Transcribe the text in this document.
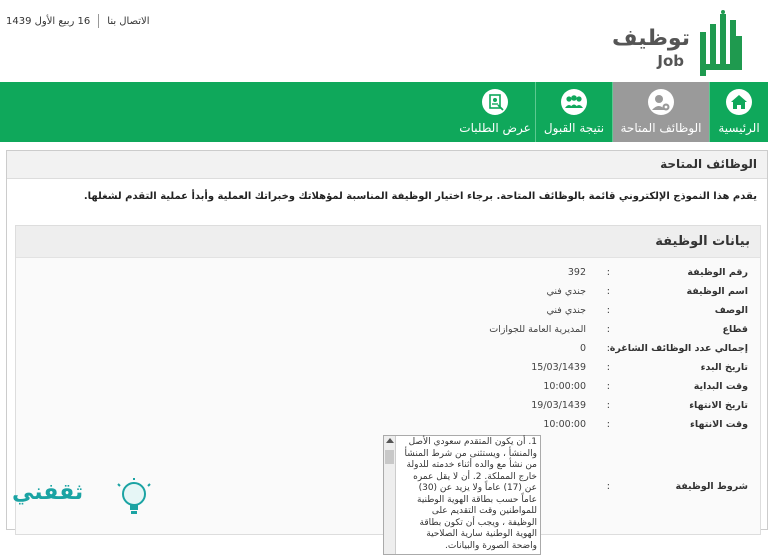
الاتصال بنا
16 ربيع الأول 1439
توظيف
Job
الرئيسية
الوظائف المتاحة
نتيجة القبول
عرض الطلبات
الوظائف المتاحة
يقدم هذا النموذج الإلكتروني قائمة بالوظائف المتاحة. برجاء اختيار الوظيفة المناسبة لمؤهلاتك وخبراتك العملية وأبدأ عملية التقدم لشغلها.
بيانات الوظيفة
رقم الوظيفة
:
392
اسم الوظيفة
:
جندي فني
الوصف
:
جندي فني
قطاع
:
المديرية العامة للجوازات
إجمالي عدد الوظائف الشاغرة
:
0
تاريخ البدء
:
15/03/1439
وقت البداية
:
10:00:00
تاريخ الانتهاء
:
19/03/1439
وقت الانتهاء
:
10:00:00
شروط الوظيفة
:
1. أن يكون المتقدم سعودي الأصل والمنشأ ، ويستثنى من شرط المنشأ من نشأ مع والده أثناء خدمته للدولة خارج المملكة. 2. أن لا يقل عمره عن (17) عاماً ولا يزيد عن (30) عاماً حسب بطاقة الهوية الوطنية للمواطنين وقت التقديم على الوظيفة ، ويجب أن تكون بطاقة الهوية الوطنية سارية الصلاحية واضحة الصورة والبيانات.
ثقفني
